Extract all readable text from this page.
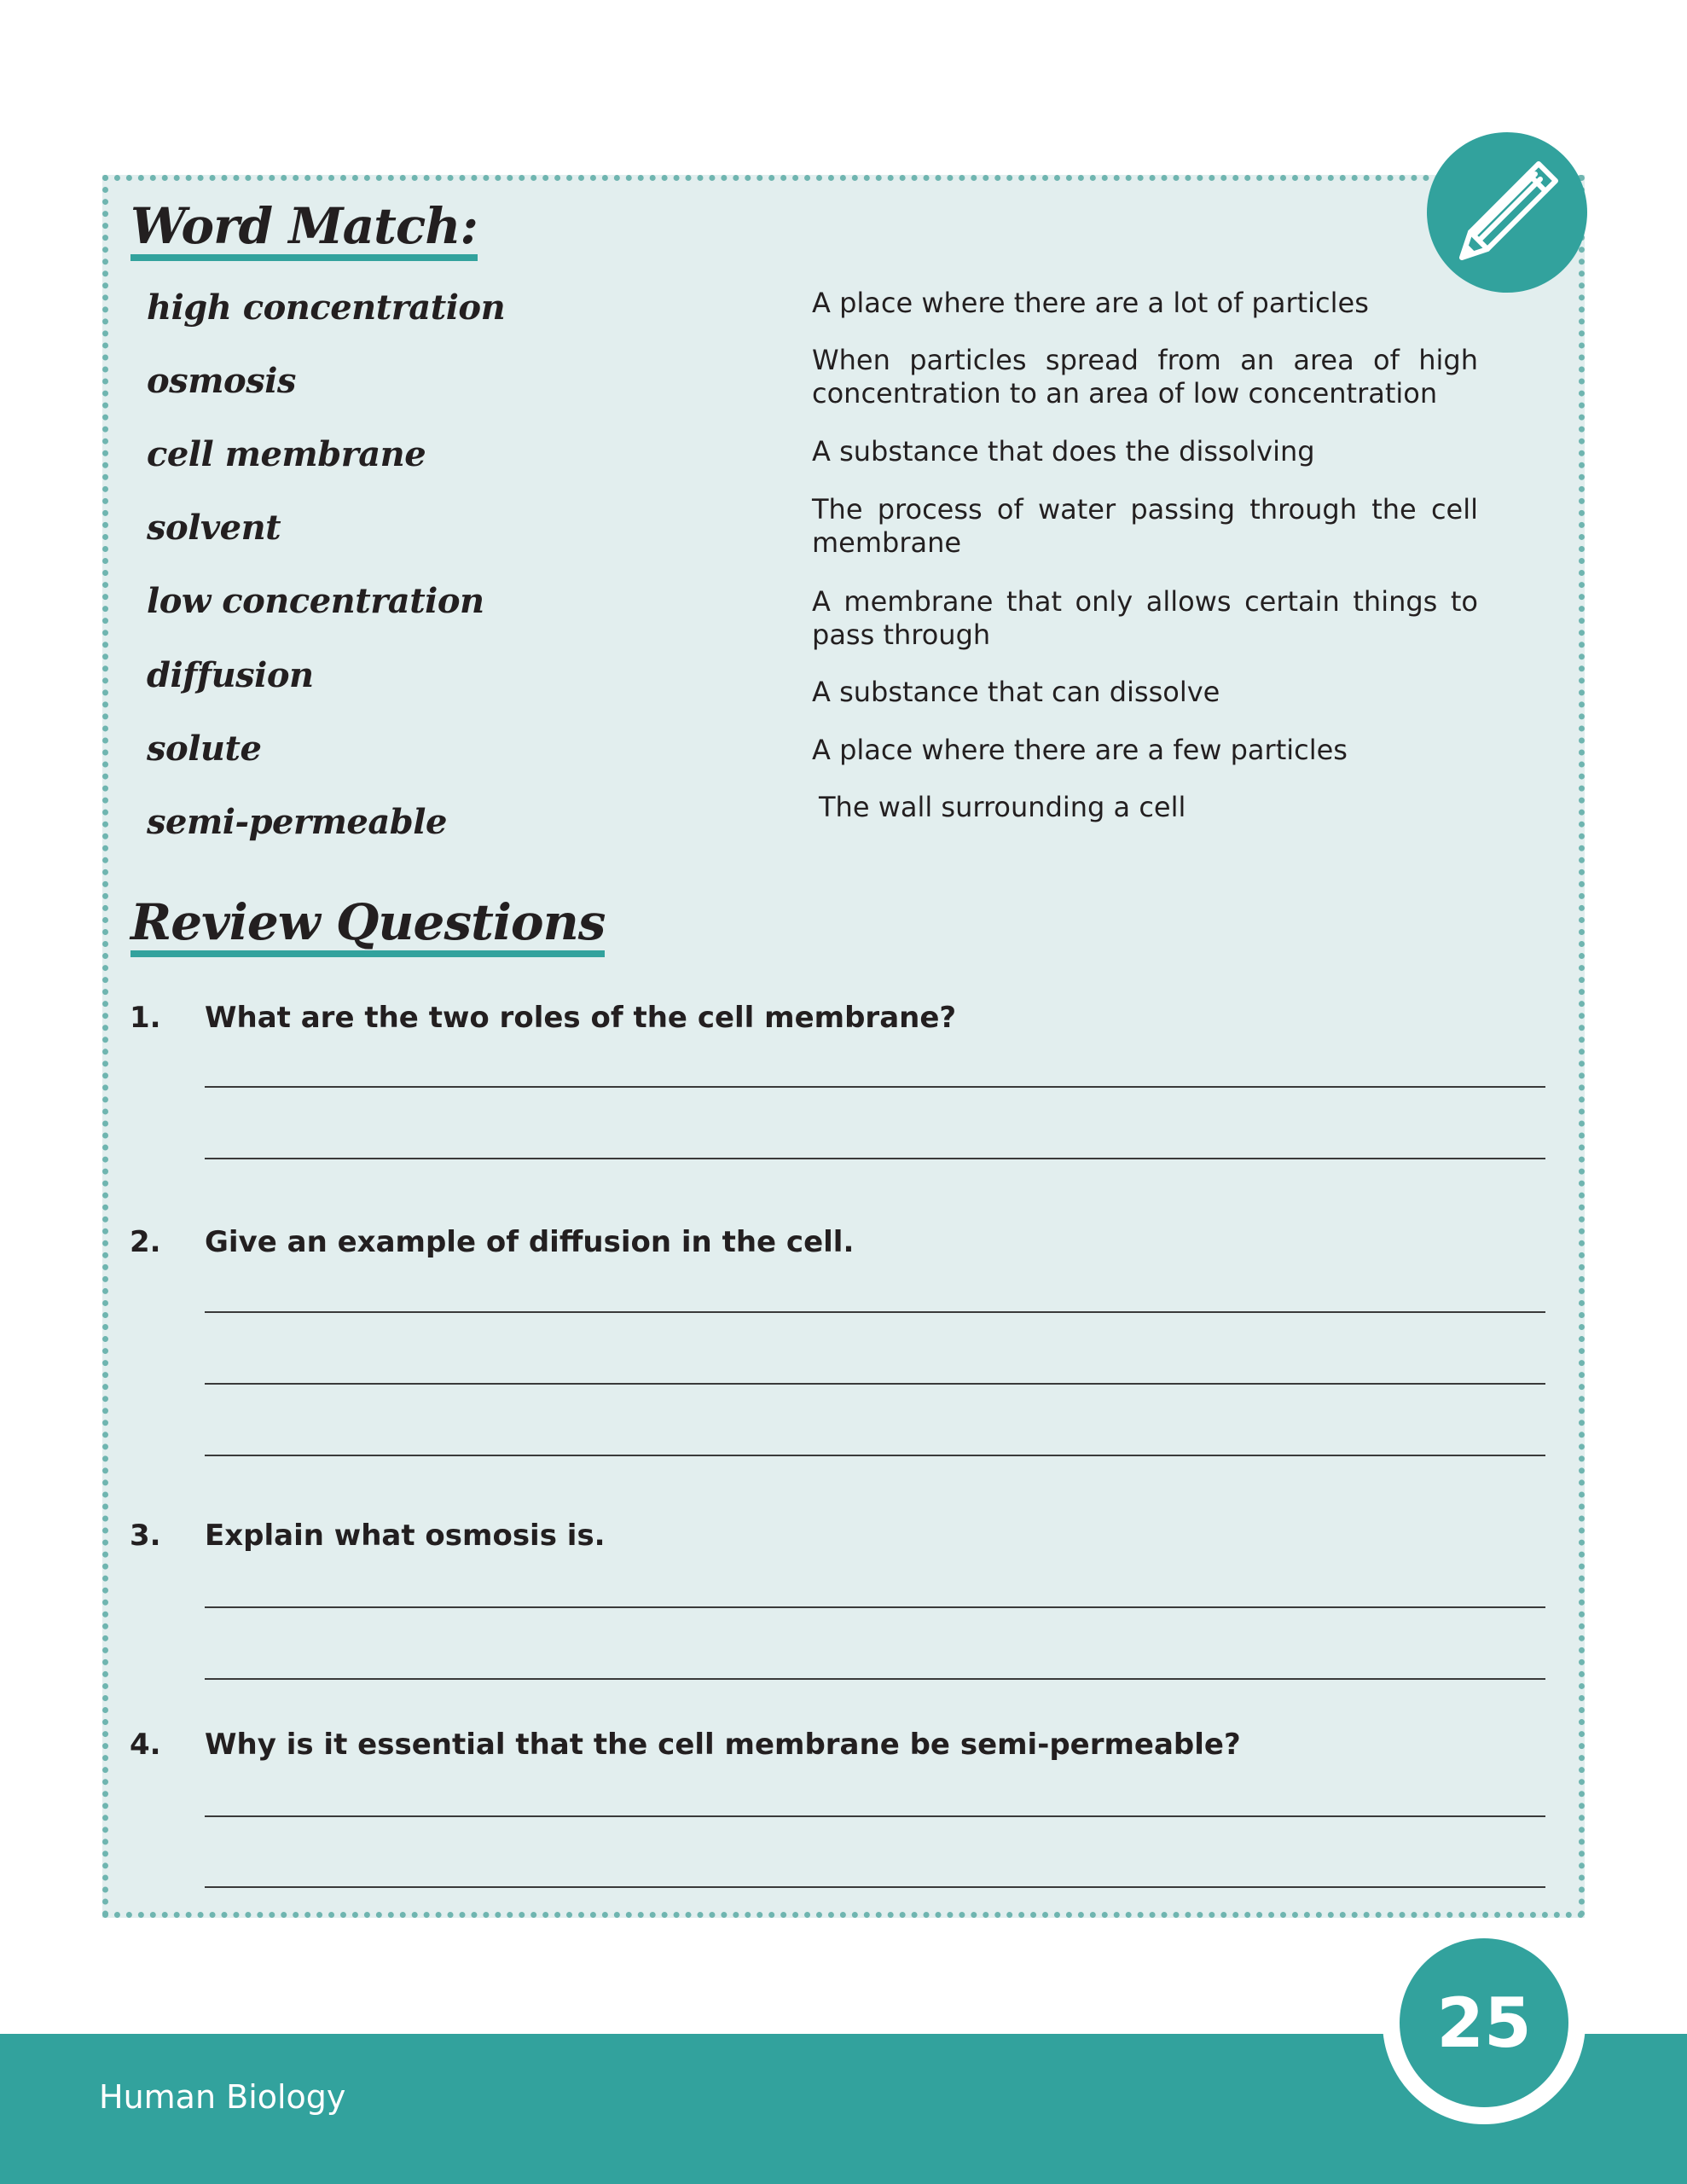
Word Match:
high concentration
osmosis
cell membrane
solvent
low concentration
diffusion
solute
semi-permeable
A place where there are a lot of particles
When particles spread from an area of high concentration to an area of low concentration
A substance that does the dissolving
The process of water passing through the cell membrane
A membrane that only allows certain things to pass through
A substance that can dissolve
A place where there are a few particles
The wall surrounding a cell
Review Questions
1. What are the two roles of the cell membrane?
2. Give an example of diffusion in the cell.
3. Explain what osmosis is.
4. Why is it essential that the cell membrane be semi-permeable?
Human Biology
25
